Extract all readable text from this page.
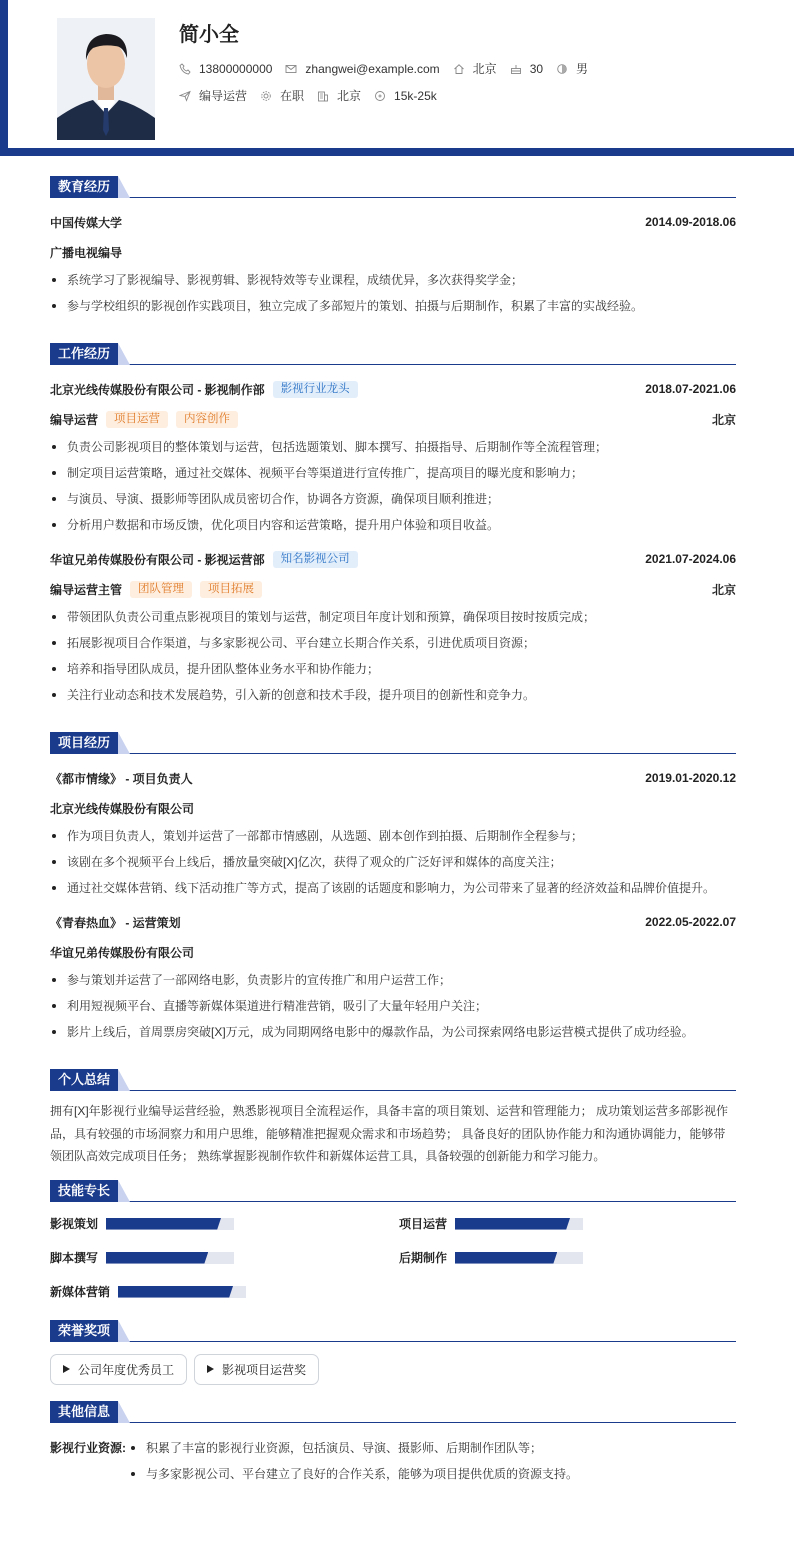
简小全
13800000000	zhangwei@example.com	北京	30	男
编导运营	在职	北京	15k-25k
教育经历
中国传媒大学	2014.09-2018.06
广播电视编导
系统学习了影视编导、影视剪辑、影视特效等专业课程，成绩优异，多次获得奖学金；
参与学校组织的影视创作实践项目，独立完成了多部短片的策划、拍摄与后期制作，积累了丰富的实战经验。
工作经历
北京光线传媒股份有限公司 - 影视制作部	影视行业龙头	2018.07-2021.06
编导运营	项目运营	内容创作	北京
负责公司影视项目的整体策划与运营，包括选题策划、脚本撰写、拍摄指导、后期制作等全流程管理；
制定项目运营策略，通过社交媒体、视频平台等渠道进行宣传推广，提高项目的曝光度和影响力；
与演员、导演、摄影师等团队成员密切合作，协调各方资源，确保项目顺利推进；
分析用户数据和市场反馈，优化项目内容和运营策略，提升用户体验和项目收益。
华谊兄弟传媒股份有限公司 - 影视运营部	知名影视公司	2021.07-2024.06
编导运营主管	团队管理	项目拓展	北京
带领团队负责公司重点影视项目的策划与运营，制定项目年度计划和预算，确保项目按时按质完成；
拓展影视项目合作渠道，与多家影视公司、平台建立长期合作关系，引进优质项目资源；
培养和指导团队成员，提升团队整体业务水平和协作能力；
关注行业动态和技术发展趋势，引入新的创意和技术手段，提升项目的创新性和竞争力。
项目经历
《都市情缘》 - 项目负责人	2019.01-2020.12
北京光线传媒股份有限公司
作为项目负责人，策划并运营了一部都市情感剧，从选题、剧本创作到拍摄、后期制作全程参与；
该剧在多个视频平台上线后，播放量突破[X]亿次，获得了观众的广泛好评和媒体的高度关注；
通过社交媒体营销、线下活动推广等方式，提高了该剧的话题度和影响力，为公司带来了显著的经济效益和品牌价值提升。
《青春热血》 - 运营策划	2022.05-2022.07
华谊兄弟传媒股份有限公司
参与策划并运营了一部网络电影，负责影片的宣传推广和用户运营工作；
利用短视频平台、直播等新媒体渠道进行精准营销，吸引了大量年轻用户关注；
影片上线后，首周票房突破[X]万元，成为同期网络电影中的爆款作品，为公司探索网络电影运营模式提供了成功经验。
个人总结

拥有[X]年影视行业编导运营经验，熟悉影视项目全流程运作，具备丰富的项目策划、运营和管理能力； 成功策划运营多部影视作品，具有较强的市场洞察力和用户思维，能够精准把握观众需求和市场趋势； 具备良好的团队协作能力和沟通协调能力，能够带领团队高效完成项目任务； 熟练掌握影视制作软件和新媒体运营工具，具备较强的创新能力和学习能力。

技能专长
影视策划	项目运营
脚本撰写	后期制作
新媒体营销
荣誉奖项
公司年度优秀员工	影视项目运营奖
其他信息
影视行业资源:	积累了丰富的影视行业资源，包括演员、导演、摄影师、后期制作团队等；
与多家影视公司、平台建立了良好的合作关系，能够为项目提供优质的资源支持。
